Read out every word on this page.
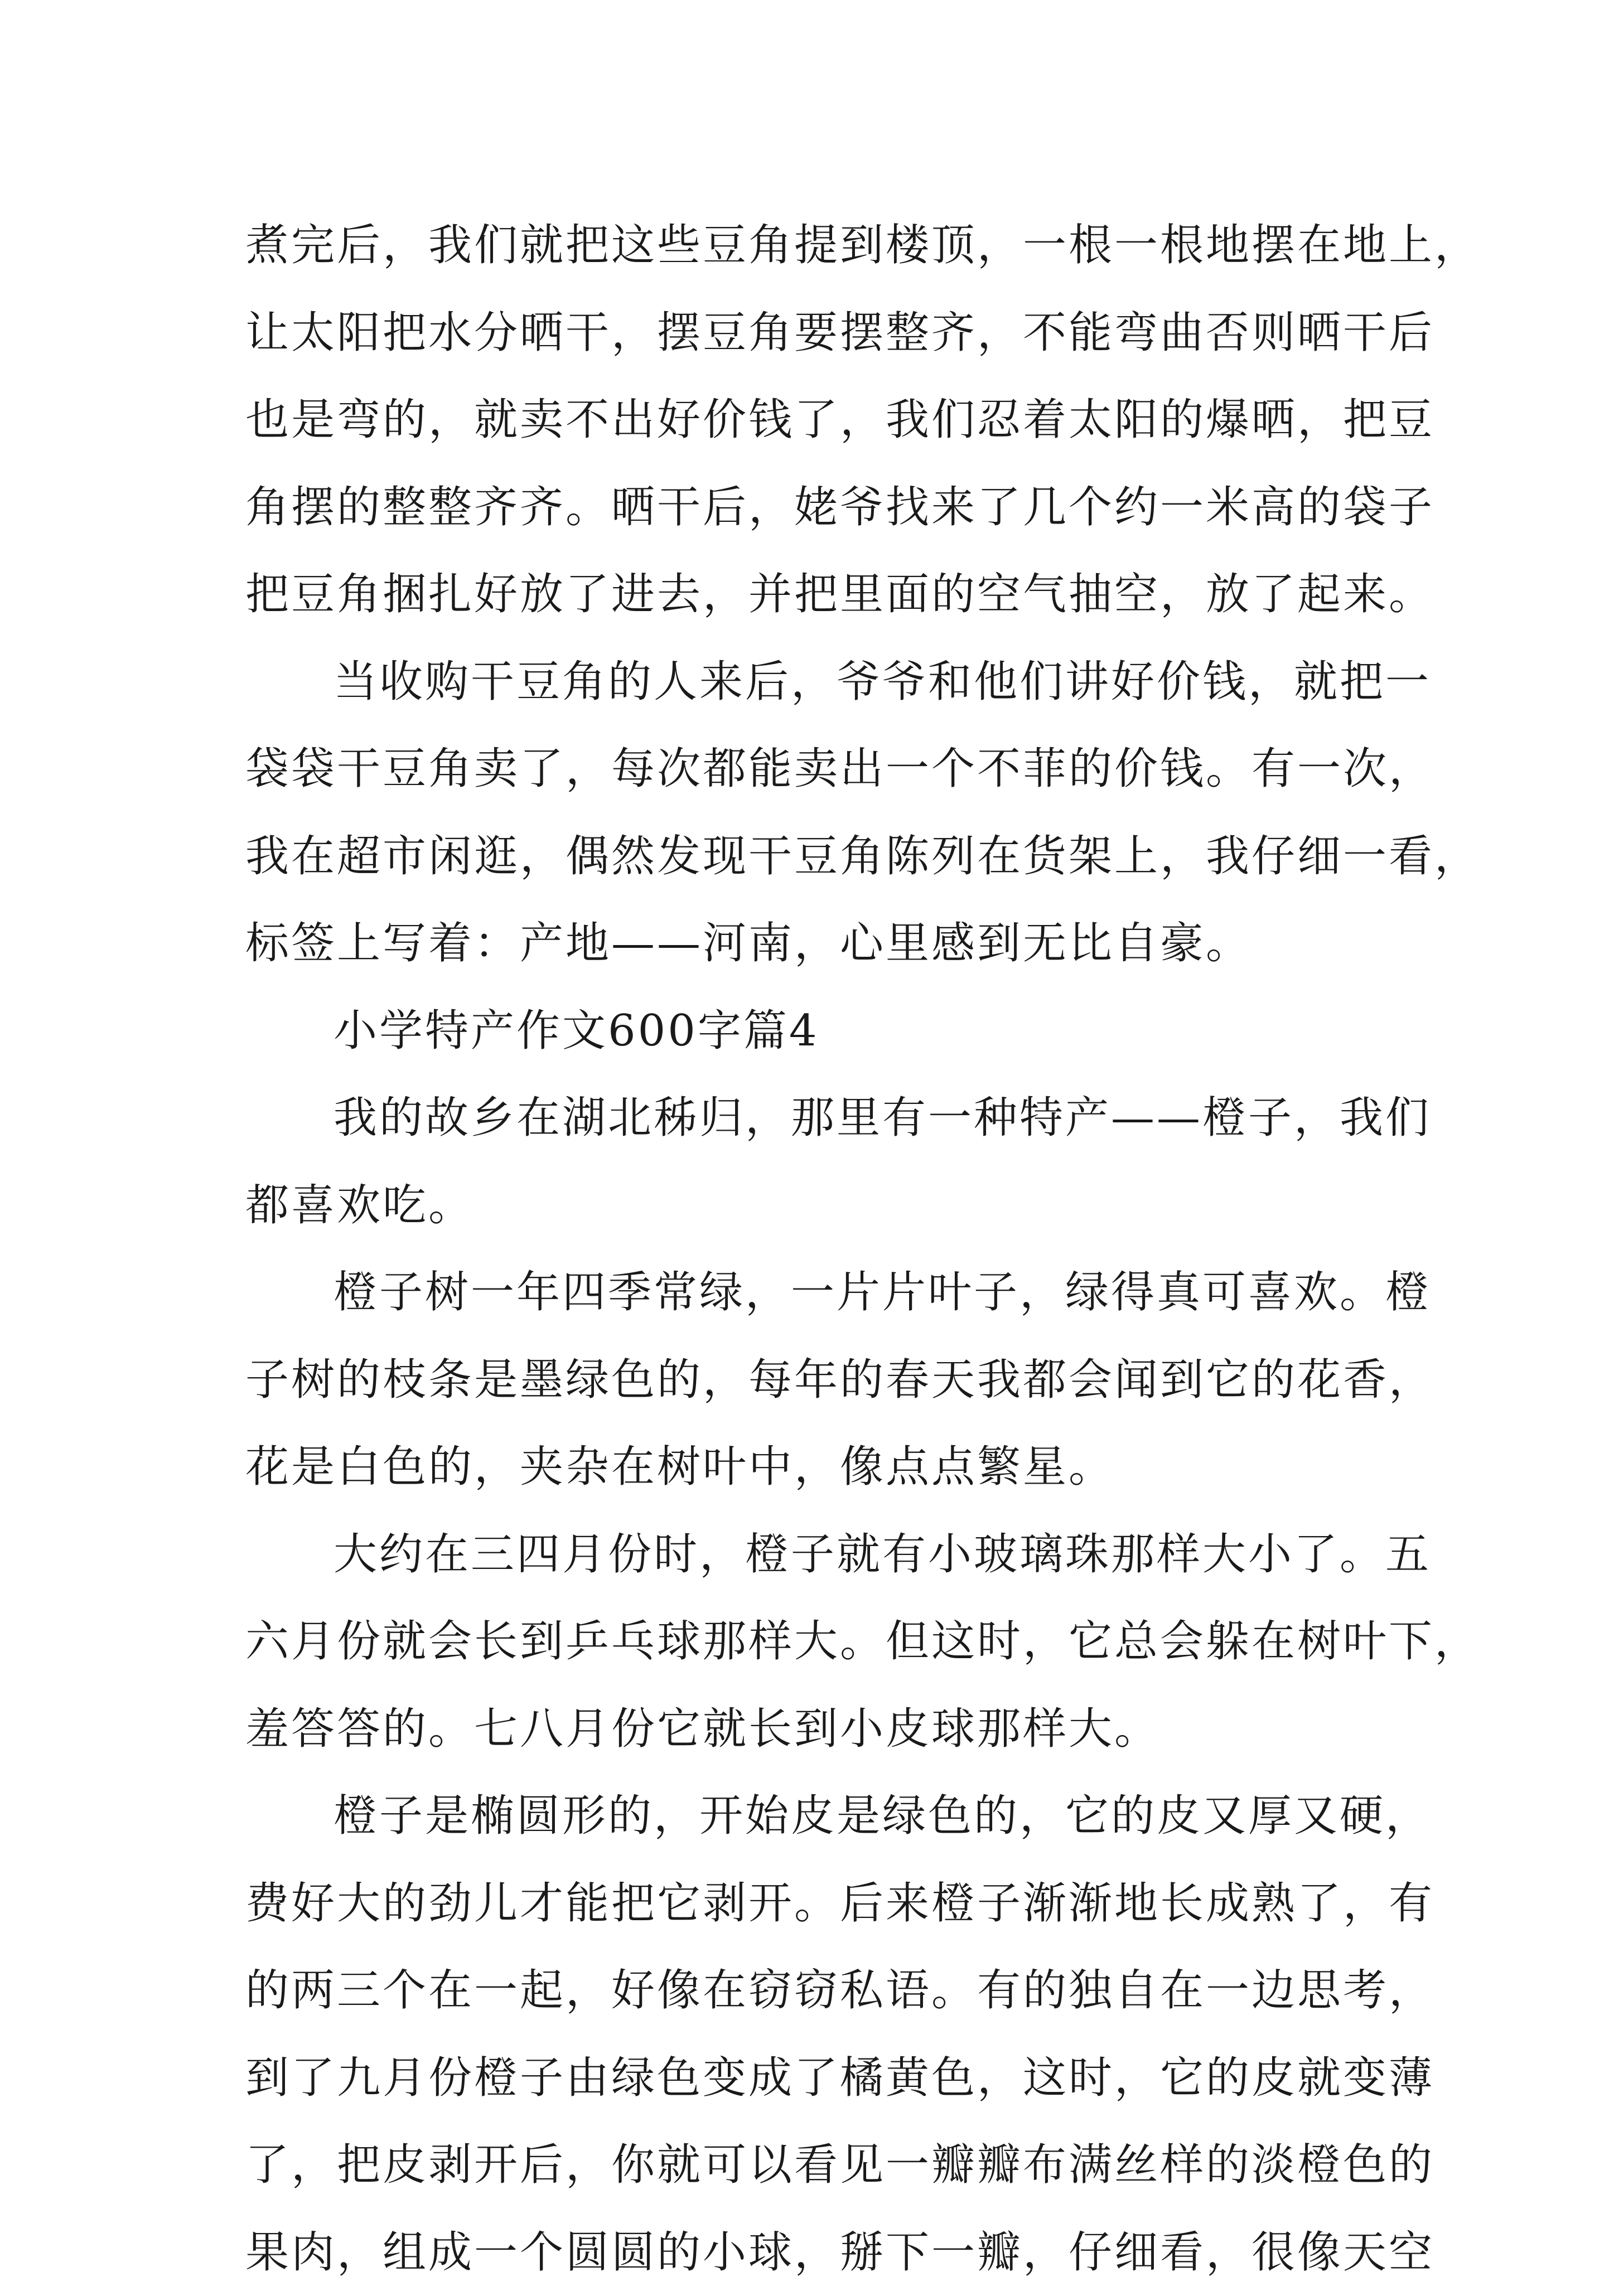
煮完后，我们就把这些豆角提到楼顶，一根一根地摆在地上，
让太阳把水分晒干，摆豆角要摆整齐，不能弯曲否则晒干后
也是弯的，就卖不出好价钱了，我们忍着太阳的爆晒，把豆
角摆的整整齐齐。晒干后，姥爷找来了几个约一米高的袋子
把豆角捆扎好放了进去，并把里面的空气抽空，放了起来。
当收购干豆角的人来后，爷爷和他们讲好价钱，就把一
袋袋干豆角卖了，每次都能卖出一个不菲的价钱。有一次，
我在超市闲逛，偶然发现干豆角陈列在货架上，我仔细一看，
标签上写着：产地——河南，心里感到无比自豪。
小学特产作文600字篇4
我的故乡在湖北秭归，那里有一种特产——橙子，我们
都喜欢吃。
橙子树一年四季常绿，一片片叶子，绿得真可喜欢。橙
子树的枝条是墨绿色的，每年的春天我都会闻到它的花香，
花是白色的，夹杂在树叶中，像点点繁星。
大约在三四月份时，橙子就有小玻璃珠那样大小了。五
六月份就会长到乒乓球那样大。但这时，它总会躲在树叶下，
羞答答的。七八月份它就长到小皮球那样大。
橙子是椭圆形的，开始皮是绿色的，它的皮又厚又硬，
费好大的劲儿才能把它剥开。后来橙子渐渐地长成熟了，有
的两三个在一起，好像在窃窃私语。有的独自在一边思考，
到了九月份橙子由绿色变成了橘黄色，这时，它的皮就变薄
了，把皮剥开后，你就可以看见一瓣瓣布满丝样的淡橙色的
果肉，组成一个圆圆的小球，掰下一瓣，仔细看，很像天空
